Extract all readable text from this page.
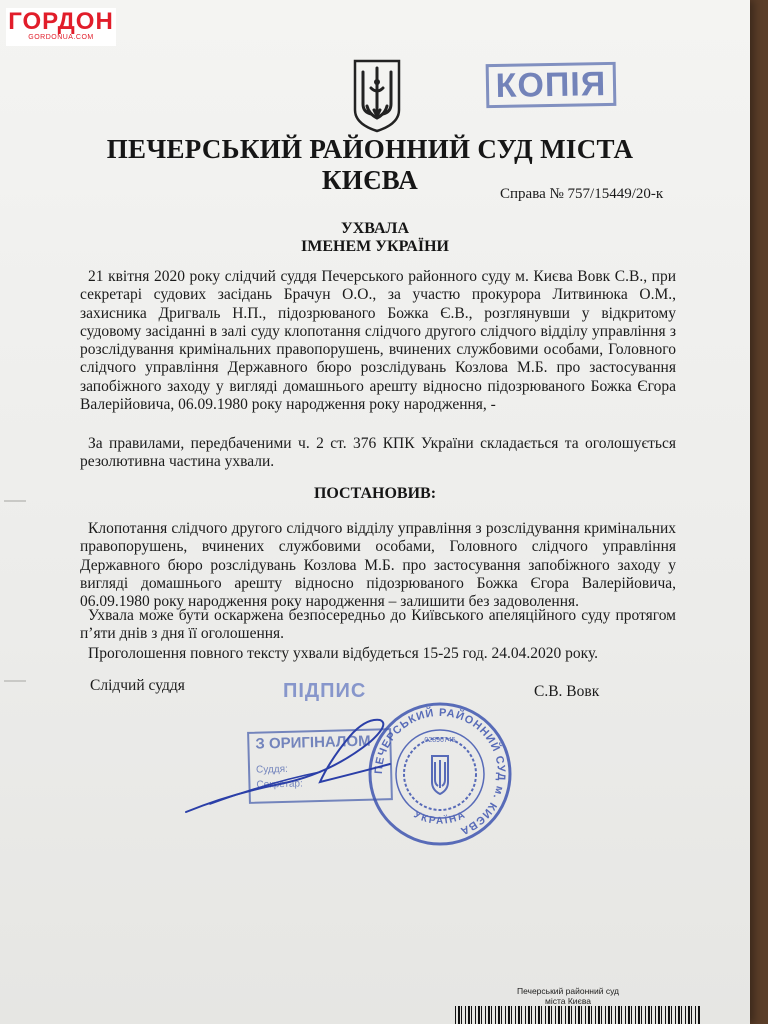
ГОРДОН
GORDONUA.COM
КОПІЯ
ПЕЧЕРСЬКИЙ РАЙОННИЙ СУД МІСТА КИЄВА	Справа № 757/15449/20-к
УХВАЛА
ІМЕНЕМ УКРАЇНИ
21 квітня 2020 року слідчий суддя Печерського районного суду м. Києва Вовк С.В., при секретарі судових засідань Брачун О.О., за участю прокурора Литвинюка О.М., захисника Дригваль Н.П., підозрюваного Божка Є.В., розглянувши у відкритому судовому засіданні в залі суду клопотання слідчого другого слідчого відділу управління з розслідування кримінальних правопорушень, вчинених службовими особами, Головного слідчого управління Державного бюро розслідувань Козлова М.Б. про застосування запобіжного заходу у вигляді домашнього арешту відносно підозрюваного Божка Єгора Валерійовича, 06.09.1980 року народження року народження, -
За правилами, передбаченими ч. 2 ст. 376 КПК України складається та оголошується резолютивна частина ухвали.
ПОСТАНОВИВ:
Клопотання слідчого другого слідчого відділу управління з розслідування кримінальних правопорушень, вчинених службовими особами, Головного слідчого управління Державного бюро розслідувань Козлова М.Б. про застосування запобіжного заходу у вигляді домашнього арешту відносно підозрюваного Божка Єгора Валерійовича, 06.09.1980 року народження року народження – залишити без задоволення.
Ухвала може бути оскаржена безпосередньо до Київського апеляційного суду протягом п’яти днів з дня її оголошення.
Проголошення повного тексту ухвали відбудеться 15-25 год. 24.04.2020 року.
Слідчий суддя	ПІДПИС	С.В. Вовк
З ОРИГІНАЛОМ
Суддя:
Секретар:
ПЕЧЕРСЬКИЙ РАЙОННИЙ СУД м. КИЄВА
УКРАЇНА
02896745
Печерський районний суд
міста Києва
